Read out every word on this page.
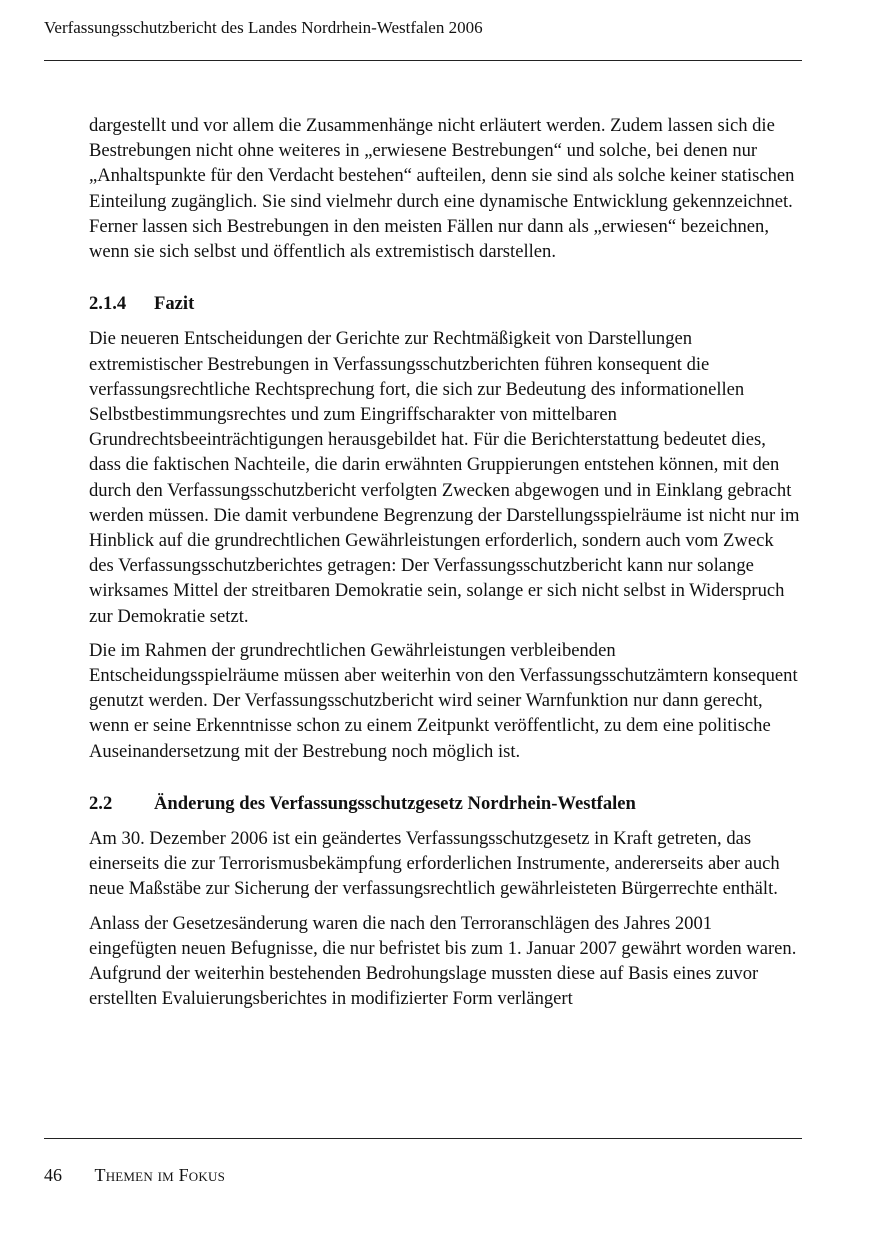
Verfassungsschutzbericht des Landes Nordrhein-Westfalen 2006

dargestellt und vor allem die Zusammenhänge nicht erläutert werden. Zudem lassen sich die Bestrebungen nicht ohne weiteres in „erwiesene Bestrebungen“ und solche, bei denen nur „Anhaltspunkte für den Verdacht bestehen“ aufteilen, denn sie sind als solche keiner statischen Einteilung zugänglich. Sie sind vielmehr durch eine dynamische Entwicklung gekennzeichnet. Ferner lassen sich Bestrebungen in den meisten Fällen nur dann als „erwiesen“ bezeichnen, wenn sie sich selbst und öffentlich als extremistisch darstellen.

2.1.4	Fazit

Die neueren Entscheidungen der Gerichte zur Rechtmäßigkeit von Darstellungen extremistischer Bestrebungen in Verfassungsschutzberichten führen konsequent die verfassungsrechtliche Rechtsprechung fort, die sich zur Bedeutung des informationellen Selbstbestimmungsrechtes und zum Eingriffscharakter von mittelbaren Grundrechtsbeeinträchtigungen herausgebildet hat. Für die Berichterstattung bedeutet dies, dass die faktischen Nachteile, die darin erwähnten Gruppierungen entstehen können, mit den durch den Verfassungsschutzbericht verfolgten Zwecken abgewogen und in Einklang gebracht werden müssen. Die damit verbundene Begrenzung der Darstellungsspielräume ist nicht nur im Hinblick auf die grundrechtlichen Gewährleistungen erforderlich, sondern auch vom Zweck des Verfassungsschutzberichtes getragen: Der Verfassungsschutzbericht kann nur solange wirksames Mittel der streitbaren Demokratie sein, solange er sich nicht selbst in Widerspruch zur Demokratie setzt.

Die im Rahmen der grundrechtlichen Gewährleistungen verbleibenden Entscheidungsspielräume müssen aber weiterhin von den Verfassungsschutzämtern konsequent genutzt werden. Der Verfassungsschutzbericht wird seiner Warnfunktion nur dann gerecht, wenn er seine Erkenntnisse schon zu einem Zeitpunkt veröffentlicht, zu dem eine politische Auseinandersetzung mit der Bestrebung noch möglich ist.

2.2	Änderung des Verfassungsschutzgesetz Nordrhein-Westfalen

Am 30. Dezember 2006 ist ein geändertes Verfassungsschutzgesetz in Kraft getreten, das einerseits die zur Terrorismusbekämpfung erforderlichen Instrumente, andererseits aber auch neue Maßstäbe zur Sicherung der verfassungsrechtlich gewährleisteten Bürgerrechte enthält.

Anlass der Gesetzesänderung waren die nach den Terroranschlägen des Jahres 2001 eingefügten neuen Befugnisse, die nur befristet bis zum 1. Januar 2007 gewährt worden waren. Aufgrund der weiterhin bestehenden Bedrohungslage mussten diese auf Basis eines zuvor erstellten Evaluierungsberichtes in modifizierter Form verlängert

46 Themen im Fokus
